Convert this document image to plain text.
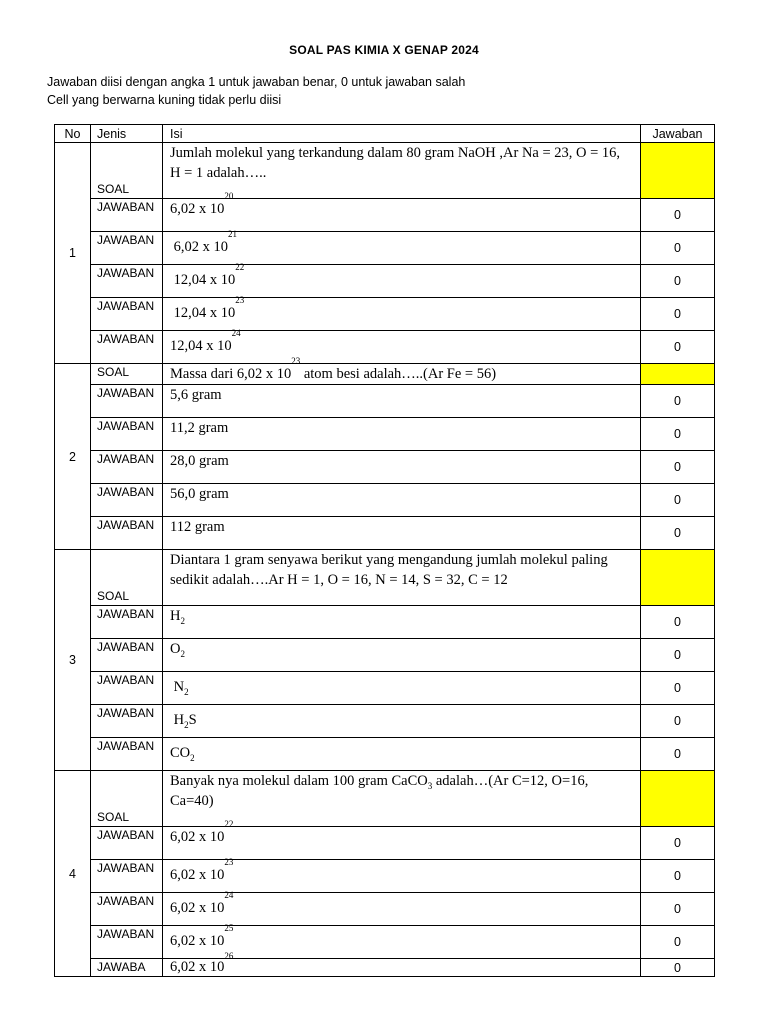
SOAL PAS KIMIA X GENAP 2024
Jawaban diisi dengan angka 1 untuk jawaban benar, 0 untuk jawaban salah
Cell yang berwarna kuning tidak perlu diisi
No	Jenis	Isi	Jawaban
1	SOAL	Jumlah molekul yang terkandung dalam 80 gram NaOH ,Ar Na = 23, O = 16, H = 1 adalah…..	
	JAWABAN	6,02 x $10^{20}$	0
	JAWABAN	6,02 x $10^{21}$	0
	JAWABAN	12,04 x $10^{22}$	0
	JAWABAN	12,04 x $10^{23}$	0
	JAWABAN	12,04 x $10^{24}$	0
2	SOAL	Massa dari 6,02 x $10^{23}$ atom besi adalah…..(Ar Fe = 56)	
	JAWABAN	5,6 gram	0
	JAWABAN	11,2 gram	0
	JAWABAN	28,0 gram	0
	JAWABAN	56,0 gram	0
	JAWABAN	112 gram	0
3	SOAL	Diantara 1 gram senyawa berikut yang mengandung jumlah molekul paling sedikit adalah….Ar H = 1, O = 16, N = 14, S = 32, C = 12	
	JAWABAN	$H_2$	0
	JAWABAN	$O_2$	0
	JAWABAN	$N_2$	0
	JAWABAN	$H_2S$	0
	JAWABAN	$CO_2$	0
4	SOAL	Banyak nya molekul dalam 100 gram CaCO$_3$ adalah…(Ar C=12, O=16, Ca=40)	
	JAWABAN	6,02 x $10^{22}$	0
	JAWABAN	6,02 x $10^{23}$	0
	JAWABAN	6,02 x $10^{24}$	0
	JAWABAN	6,02 x $10^{25}$	0
	JAWABA	6,02 x $10^{26}$	0
